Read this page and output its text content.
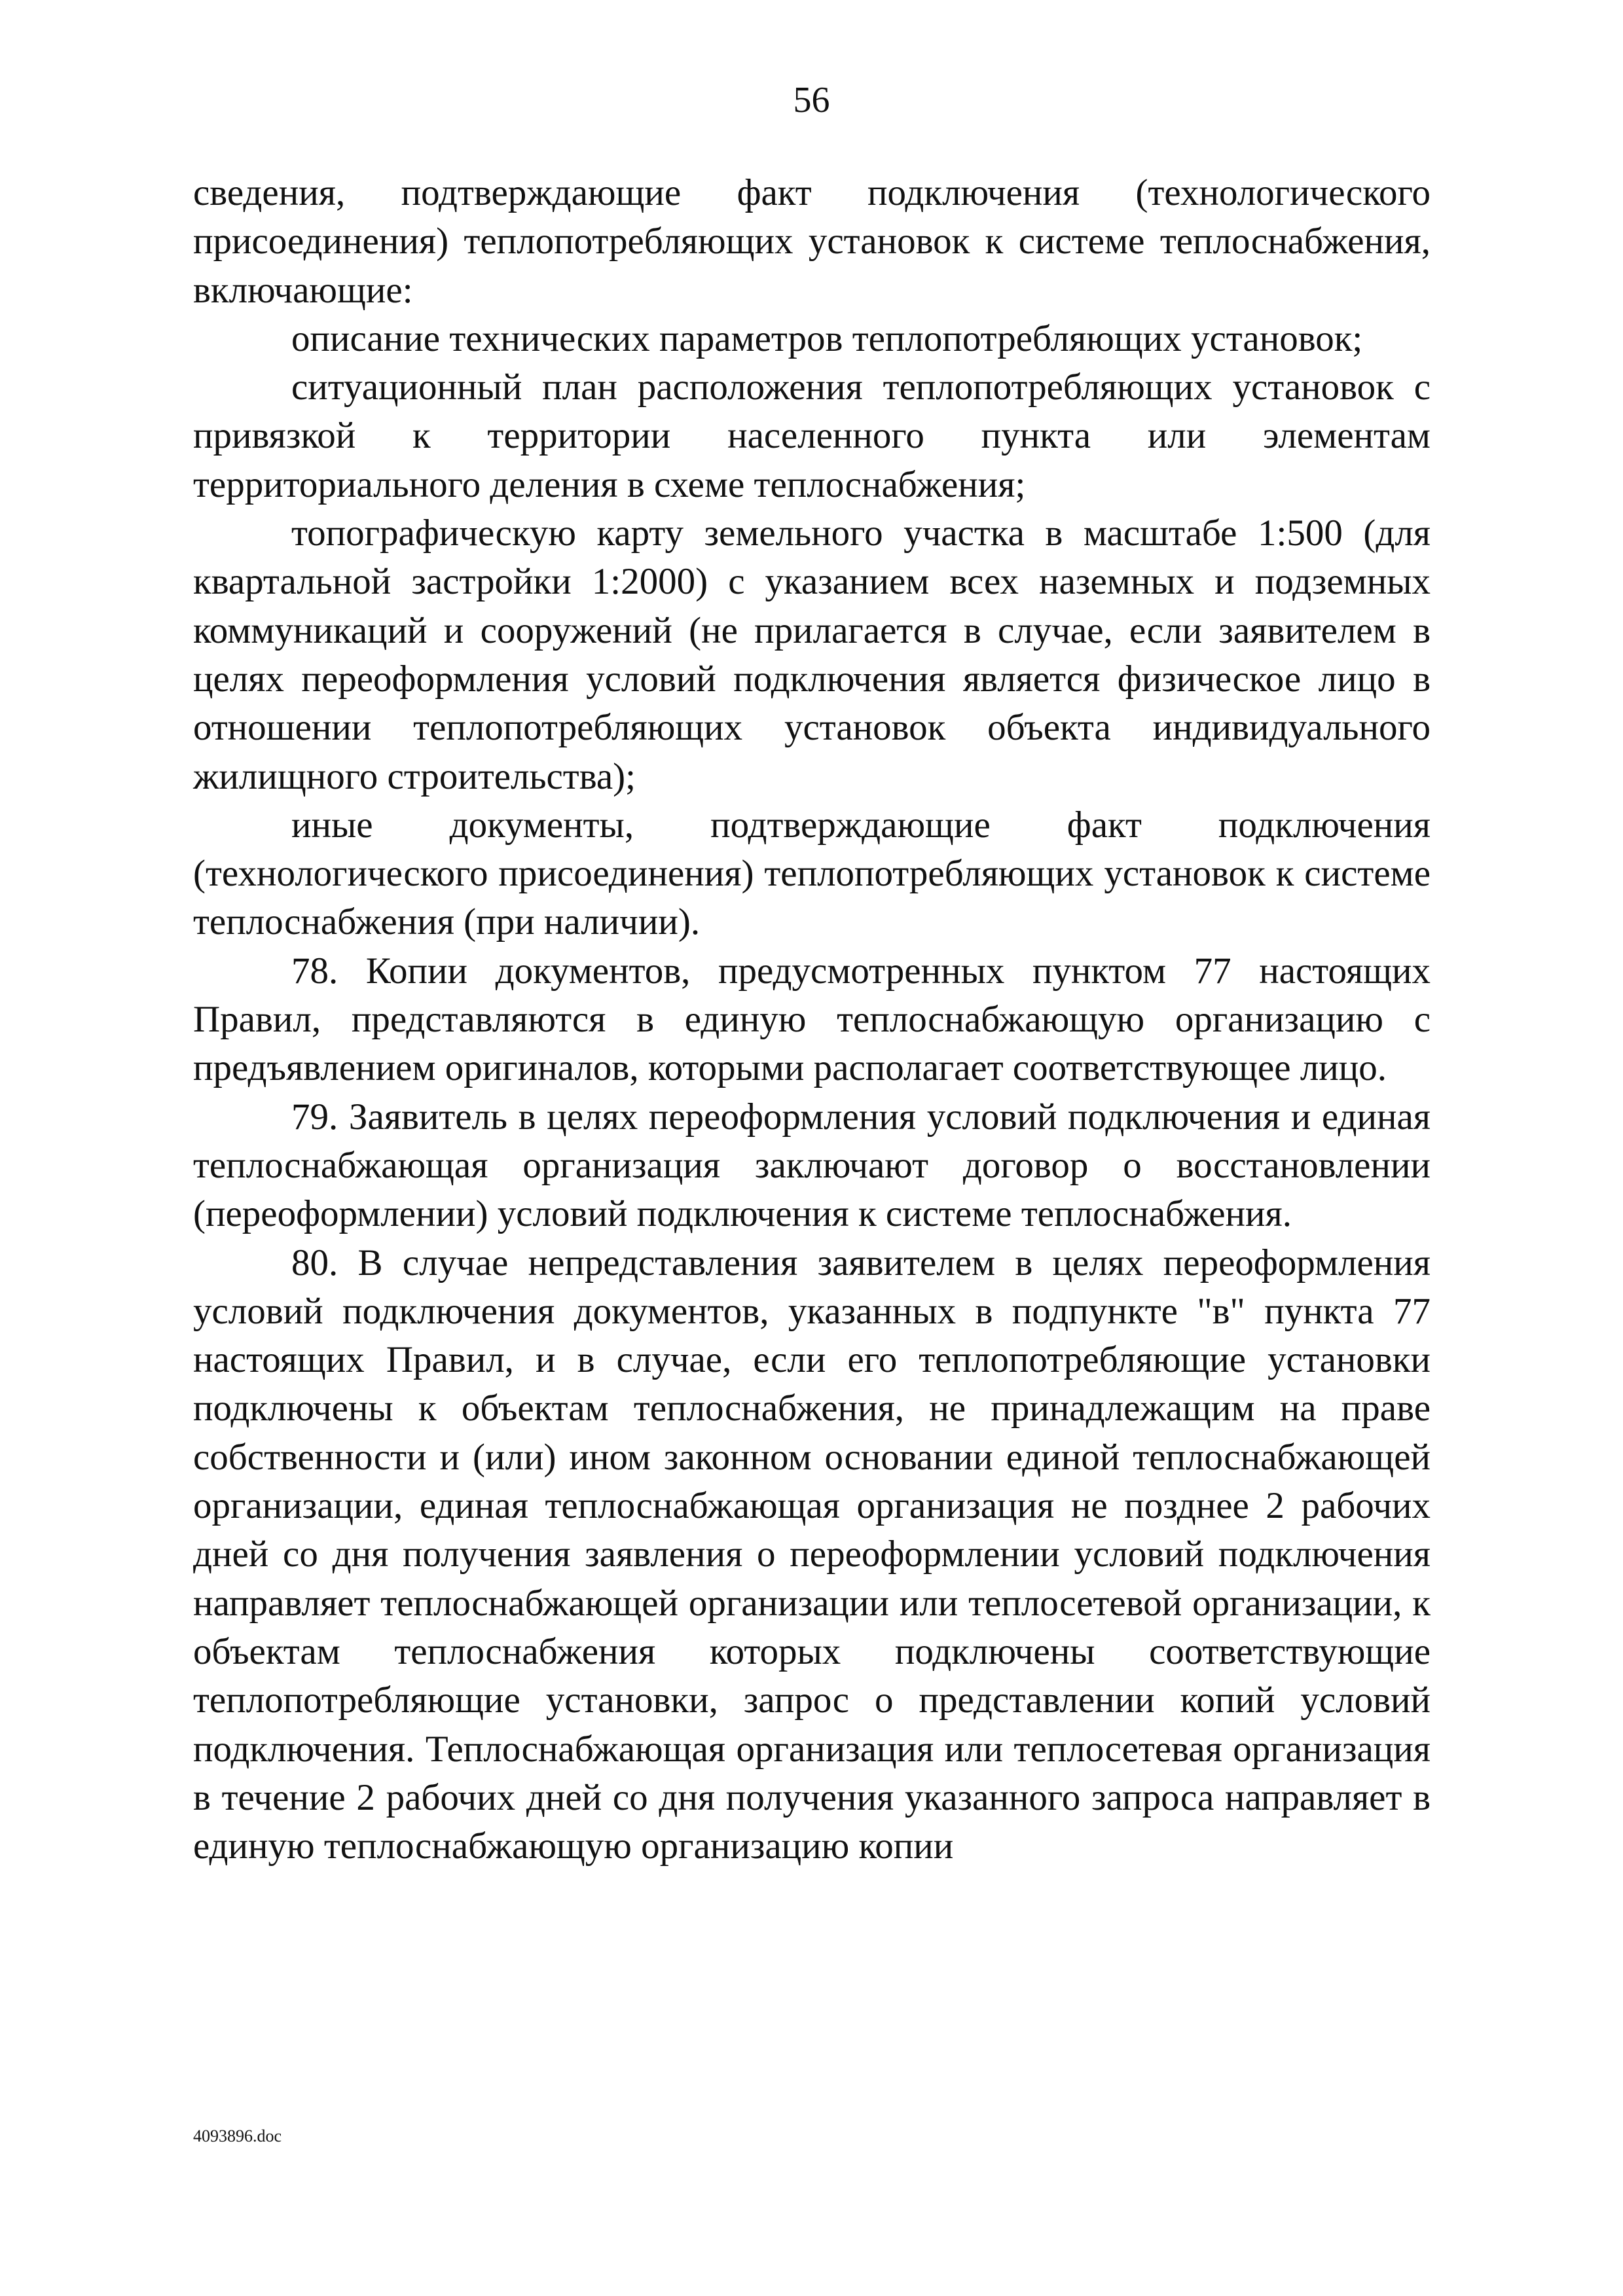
56

сведения, подтверждающие факт подключения (технологического присоединения) теплопотребляющих установок к системе теплоснабжения, включающие:

описание технических параметров теплопотребляющих установок;

ситуационный план расположения теплопотребляющих установок с привязкой к территории населенного пункта или элементам территориального деления в схеме теплоснабжения;

топографическую карту земельного участка в масштабе 1:500 (для квартальной застройки 1:2000) с указанием всех наземных и подземных коммуникаций и сооружений (не прилагается в случае, если заявителем в целях переоформления условий подключения является физическое лицо в отношении теплопотребляющих установок объекта индивидуального жилищного строительства);

иные документы, подтверждающие факт подключения (технологического присоединения) теплопотребляющих установок к системе теплоснабжения (при наличии).

78. Копии документов, предусмотренных пунктом 77 настоящих Правил, представляются в единую теплоснабжающую организацию с предъявлением оригиналов, которыми располагает соответствующее лицо.

79. Заявитель в целях переоформления условий подключения и единая теплоснабжающая организация заключают договор о восстановлении (переоформлении) условий подключения к системе теплоснабжения.

80. В случае непредставления заявителем в целях переоформления условий подключения документов, указанных в подпункте "в" пункта 77 настоящих Правил, и в случае, если его теплопотребляющие установки подключены к объектам теплоснабжения, не принадлежащим на праве собственности и (или) ином законном основании единой теплоснабжающей организации, единая теплоснабжающая организация не позднее 2 рабочих дней со дня получения заявления о переоформлении условий подключения направляет теплоснабжающей организации или теплосетевой организации, к объектам теплоснабжения которых подключены соответствующие теплопотребляющие установки, запрос о представлении копий условий подключения. Теплоснабжающая организация или теплосетевая организация в течение 2 рабочих дней со дня получения указанного запроса направляет в единую теплоснабжающую организацию копии

4093896.doc
